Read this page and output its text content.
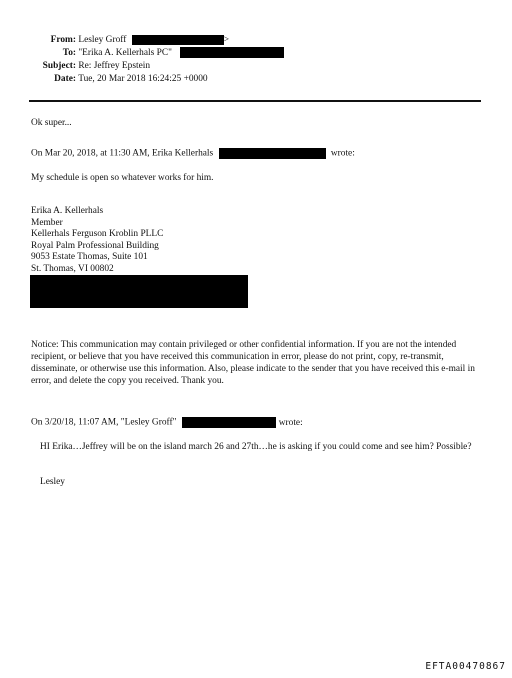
From: Lesley Groff	>
To: "Erika A. Kellerhals PC"
Subject: Re: Jeffrey Epstein
Date: Tue, 20 Mar 2018 16:24:25 +0000
Ok super...
On Mar 20, 2018, at 11:30 AM, Erika Kellerhals	wrote:
My schedule is open so whatever works for him.
Erika A. Kellerhals
Member
Kellerhals Ferguson Kroblin PLLC
Royal Palm Professional Building
9053 Estate Thomas, Suite 101
St. Thomas, VI 00802
Notice: This communication may contain privileged or other confidential information. If you are not the intended recipient, or believe that you have received this communication in error, please do not print, copy, re-transmit, disseminate, or otherwise use this information. Also, please indicate to the sender that you have received this e-mail in error, and delete the copy you received. Thank you.
On 3/20/18, 11:07 AM, "Lesley Groff"	wrote:
HI Erika…Jeffrey will be on the island march 26 and 27th…he is asking if you could come and see him? Possible?
Lesley
EFTA00470867
